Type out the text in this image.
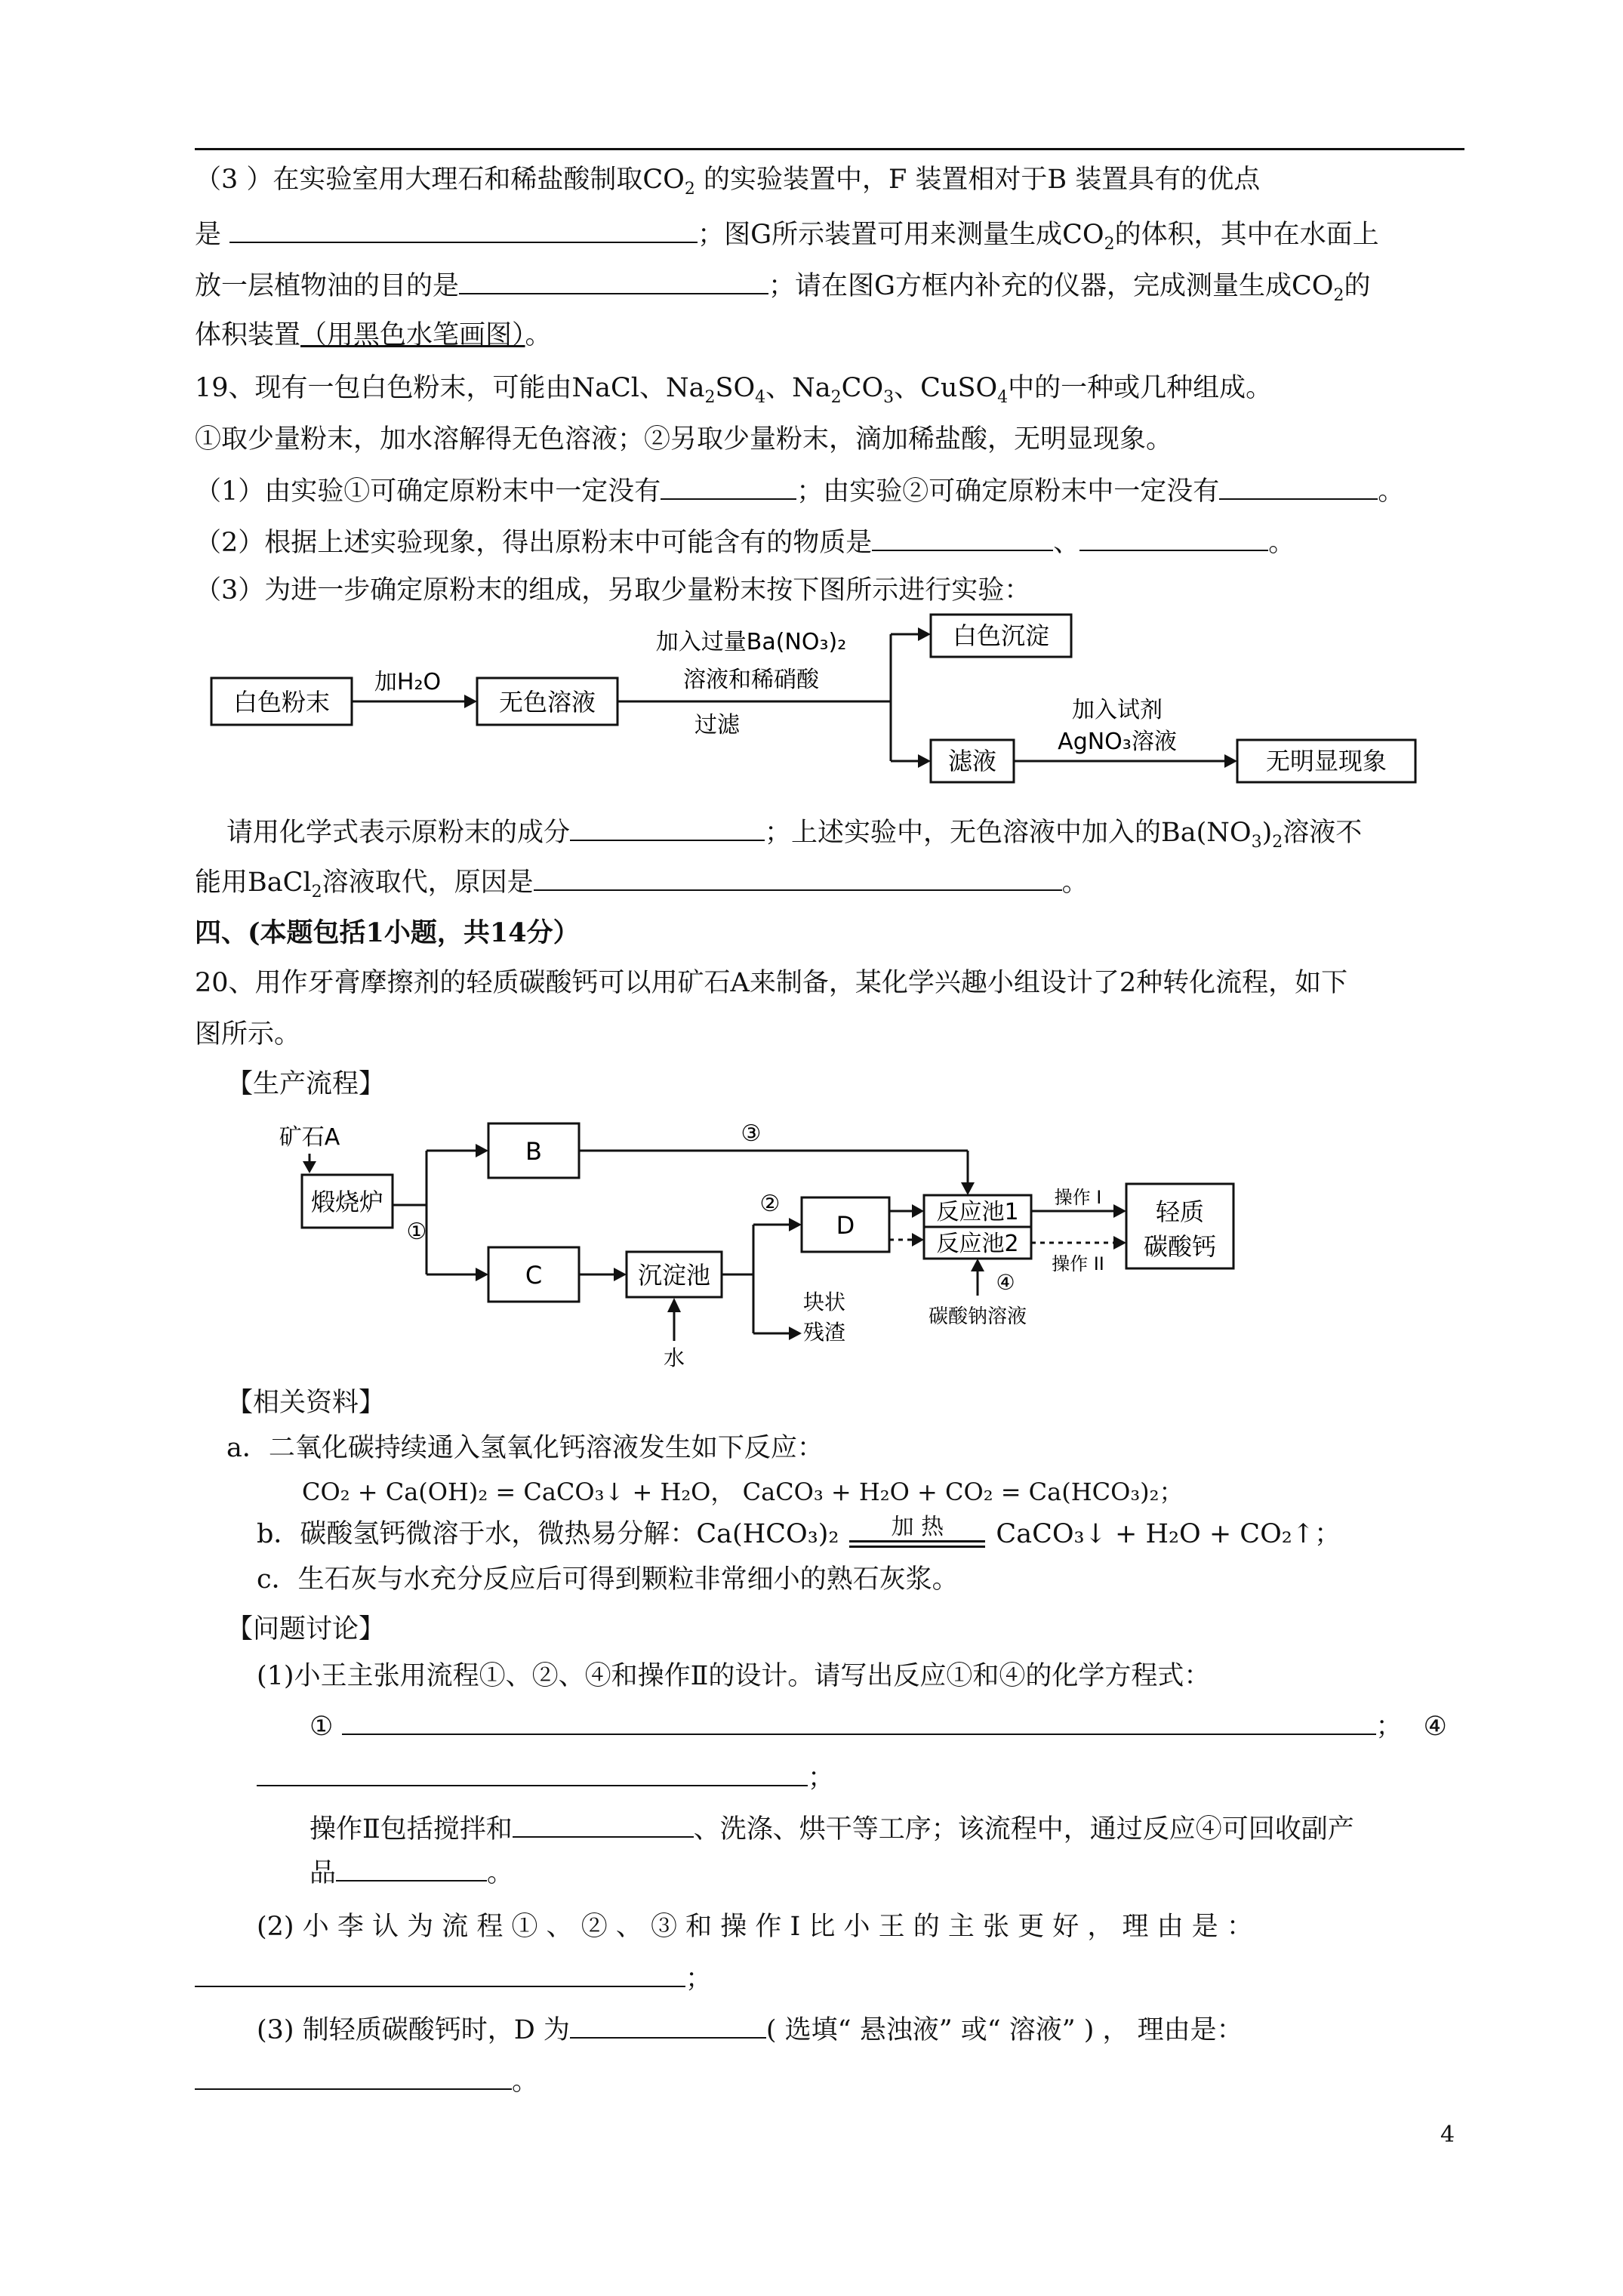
（3 ）在实验室用大理石和稀盐酸制取$CO_2$ 的实验装置中，F 装置相对于B 装置具有的优点
是	；图G所示装置可用来测量生成$CO_2$的体积，其中在水面上
放一层植物油的目的是	；请在图G方框内补充的仪器，完成测量生成$CO_2$的
体积装置（用黑色水笔画图）。
19、现有一包白色粉末，可能由NaCl、$Na_2SO_4$、$Na_2CO_3$、CuSO$_4$中的一种或几种组成。
①取少量粉末，加水溶解得无色溶液；②另取少量粉末，滴加稀盐酸，无明显现象。
（1）由实验①可确定原粉末中一定没有	；由实验②可确定原粉末中一定没有	。
（2）根据上述实验现象，得出原粉末中可能含有的物质是	、	。
（3）为进一步确定原粉末的组成，另取少量粉末按下图所示进行实验：
白色粉末
加H₂O
无色溶液
加入过量Ba(NO₃)₂
溶液和稀硝酸
过滤
白色沉淀
滤液
加入试剂
AgNO₃溶液
无明显现象
请用化学式表示原粉末的成分	；上述实验中，无色溶液中加入的$Ba(NO_3)_2$溶液不
能用BaCl$_2$溶液取代，原因是	。
四、(本题包括1小题，共14分）
20、用作牙膏摩擦剂的轻质碳酸钙可以用矿石A来制备，某化学兴趣小组设计了2种转化流程，如下
图所示。
【生产流程】
矿石A
煅烧炉
①
B
C
③
沉淀池
水
②
块状
残渣
D	反应池1
反应池2
④
碳酸钠溶液
操作 I
操作 II
轻质
碳酸钙
【相关资料】
a．二氧化碳持续通入氢氧化钙溶液发生如下反应：
CO₂ + Ca(OH)₂ = CaCO₃↓ + H₂O， CaCO₃ + H₂O + CO₂ = Ca(HCO₃)₂；
b．碳酸氢钙微溶于水，微热易分解：Ca(HCO₃)₂ 加 热 CaCO₃↓ + H₂O + CO₂↑；
c．生石灰与水充分反应后可得到颗粒非常细小的熟石灰浆。
【问题讨论】
(1)小王主张用流程①、②、④和操作Ⅱ的设计。请写出反应①和④的化学方程式：
①	； ④
；
操作Ⅱ包括搅拌和	、洗涤、烘干等工序；该流程中，通过反应④可回收副产
品	。
(2) 小 李 认 为 流 程 ① 、 ② 、 ③ 和 操 作 I 比 小 王 的 主 张 更 好 ， 理 由 是 ：
；
(3) 制轻质碳酸钙时，D 为	( 选填“ 悬浊液” 或“ 溶液” ) ， 理由是：
。
4
